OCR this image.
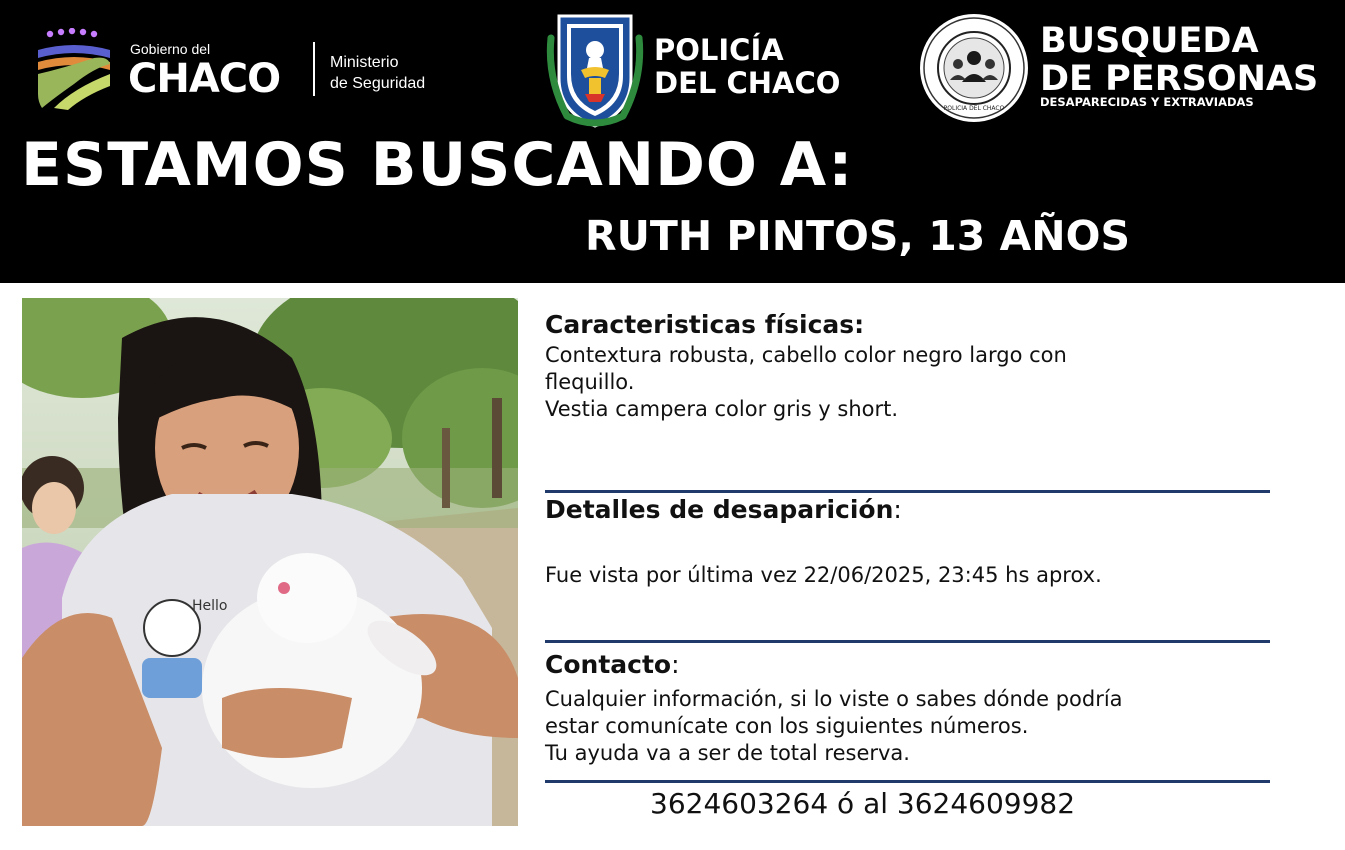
Gobierno del
CHACO	Ministerio
de Seguridad
POLICÍA
DEL CHACO
POLICIA DEL CHACO
BUSQUEDA
DE PERSONAS
DESAPARECIDAS Y EXTRAVIADAS
ESTAMOS BUSCANDO A:
RUTH PINTOS, 13 AÑOS
Hello
Caracteristicas físicas:
Contextura robusta, cabello color negro largo con
flequillo.
Vestia campera color gris y short.
Detalles de desaparición:
Fue vista por última vez 22/06/2025, 23:45 hs aprox.
Contacto:
Cualquier información, si lo viste o sabes dónde podría
estar comunícate con los siguientes números.
Tu ayuda va a ser de total reserva.
3624603264 ó al 3624609982
